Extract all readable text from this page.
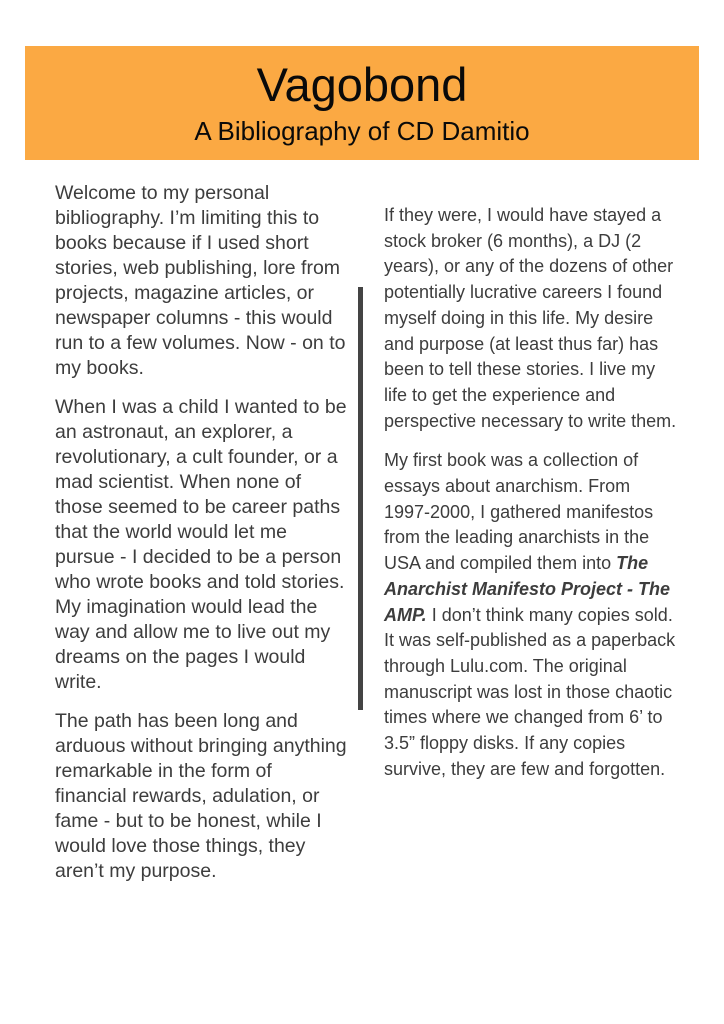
Vagobond
A Bibliography of CD Damitio

Welcome to my personal bibliography. I’m limiting this to books because if I used short stories, web publishing, lore from projects, magazine articles, or newspaper columns - this would run to a few volumes. Now - on to my books.

When I was a child I wanted to be an astronaut, an explorer, a revolutionary, a cult founder, or a mad scientist. When none of those seemed to be career paths that the world would let me pursue - I decided to be a person who wrote books and told stories. My imagination would lead the way and allow me to live out my dreams on the pages I would write.

The path has been long and arduous without bringing anything remarkable in the form of financial rewards, adulation, or fame - but to be honest, while I would love those things, they aren’t my purpose.

If they were, I would have stayed a stock broker (6 months), a DJ (2 years), or any of the dozens of other potentially lucrative careers I found myself doing in this life. My desire and purpose (at least thus far) has been to tell these stories. I live my life to get the experience and perspective necessary to write them.

My first book was a collection of essays about anarchism. From 1997-2000, I gathered manifestos from the leading anarchists in the USA and compiled them into The Anarchist Manifesto Project - The AMP. I don’t think many copies sold. It was self-published as a paperback through Lulu.com. The original manuscript was lost in those chaotic times where we changed from 6’ to 3.5” floppy disks. If any copies survive, they are few and forgotten.
